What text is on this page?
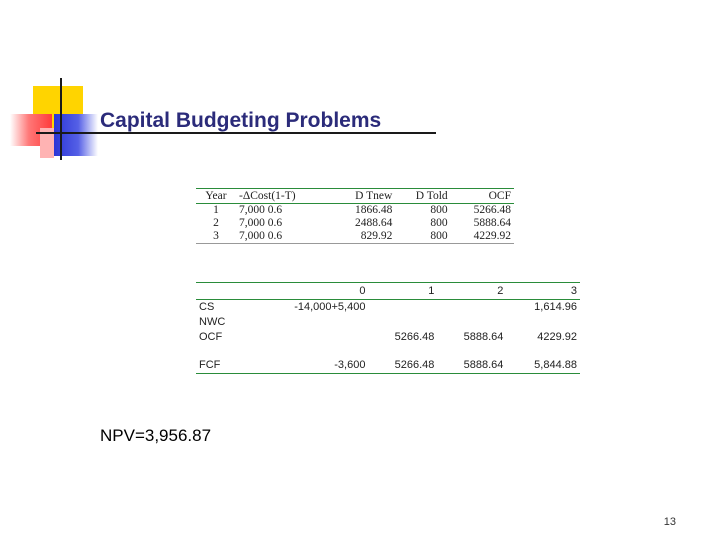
Capital Budgeting Problems
Year	-ΔCost(1-T)	D Tnew	D Told	OCF
1	7,000 0.6	1866.48	800	5266.48
2	7,000 0.6	2488.64	800	5888.64
3	7,000 0.6	829.92	800	4229.92
	0	1	2	3
CS	-14,000+5,400			1,614.96
NWC				
OCF		5266.48	5888.64	4229.92

FCF	-3,600	5266.48	5888.64	5,844.88
NPV=3,956.87
13
